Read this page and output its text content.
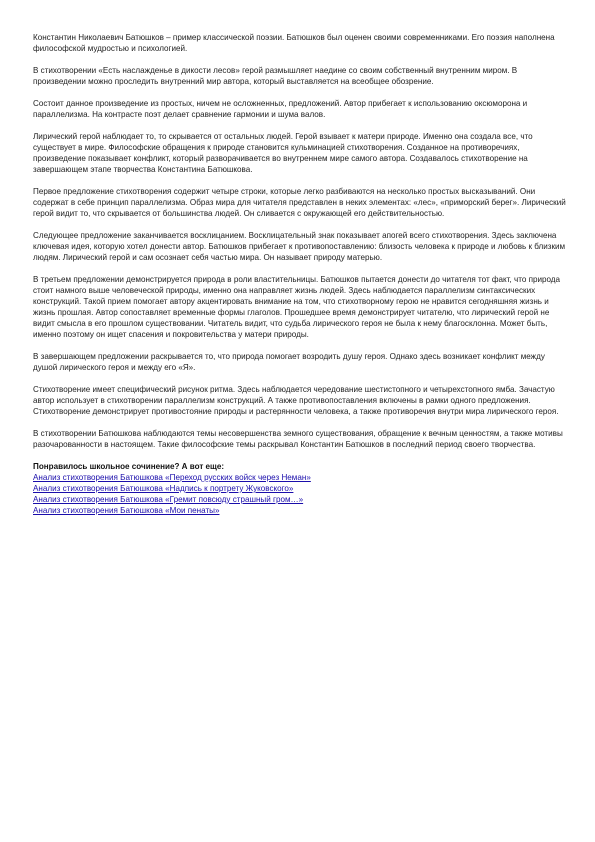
Константин Николаевич Батюшков – пример классической поэзии. Батюшков был оценен своими современниками. Его поэзия наполнена философской мудростью и психологией.

В стихотворении «Есть наслажденье в дикости лесов» герой размышляет наедине со своим собственный внутренним миром. В произведении можно проследить внутренний мир автора, который выставляется на всеобщее обозрение.

Состоит данное произведение из простых, ничем не осложненных, предложений. Автор прибегает к использованию оксюморона и параллелизма. На контрасте поэт делает сравнение гармонии и шума валов.

Лирический герой наблюдает то, то скрывается от остальных людей. Герой взывает к матери природе. Именно она создала все, что существует в мире. Философские обращения к природе становится кульминацией стихотворения. Созданное на противоречиях, произведение показывает конфликт, который разворачивается во внутреннем мире самого автора. Создавалось стихотворение на завершающем этапе творчества Константина Батюшкова.

Первое предложение стихотворения содержит четыре строки, которые легко разбиваются на несколько простых высказываний. Они содержат в себе принцип параллелизма. Образ мира для читателя представлен в неких элементах: «лес», «приморский берег». Лирический герой видит то, что скрывается от большинства людей. Он сливается с окружающей его действительностью.

Следующее предложение заканчивается восклицанием. Восклицательный знак показывает апогей всего стихотворения. Здесь заключена ключевая идея, которую хотел донести автор. Батюшков прибегает к противопоставлению: близость человека к природе и любовь к близким людям. Лирический герой и сам осознает себя частью мира. Он называет природу матерью.

В третьем предложении демонстрируется природа в роли властительницы. Батюшков пытается донести до читателя тот факт, что природа стоит намного выше человеческой природы, именно она направляет жизнь людей. Здесь наблюдается параллелизм синтаксических конструкций. Такой прием помогает автору акцентировать внимание на том, что стихотворному герою не нравится сегодняшняя жизнь и жизнь прошлая. Автор сопоставляет временные формы глаголов. Прошедшее время демонстрирует читателю, что лирический герой не видит смысла в его прошлом существовании. Читатель видит, что судьба лирического героя не была к нему благосклонна. Может быть, именно поэтому он ищет спасения и покровительства у матери природы.

В завершающем предложении раскрывается то, что природа помогает возродить душу героя. Однако здесь возникает конфликт между душой лирического героя и между его «Я».

Стихотворение имеет специфический рисунок ритма. Здесь наблюдается чередование шестистопного и четырехстопного ямба. Зачастую автор использует в стихотворении параллелизм конструкций. А также противопоставления включены в рамки одного предложения. Стихотворение демонстрирует противостояние природы и растерянности человека, а также противоречия внутри мира лирического героя.

В стихотворении Батюшкова наблюдаются темы несовершенства земного существования, обращение к вечным ценностям, а также мотивы разочарованности в настоящем. Такие философские темы раскрывал Константин Батюшков в последний период своего творчества.

Понравилось школьное сочинение? А вот еще:

Анализ стихотворения Батюшкова «Переход русских войск через Неман»
Анализ стихотворения Батюшкова «Надпись к портрету Жуковского»
Анализ стихотворения Батюшкова «Гремит повсюду страшный гром…»
Анализ стихотворения Батюшкова «Мои пенаты»
